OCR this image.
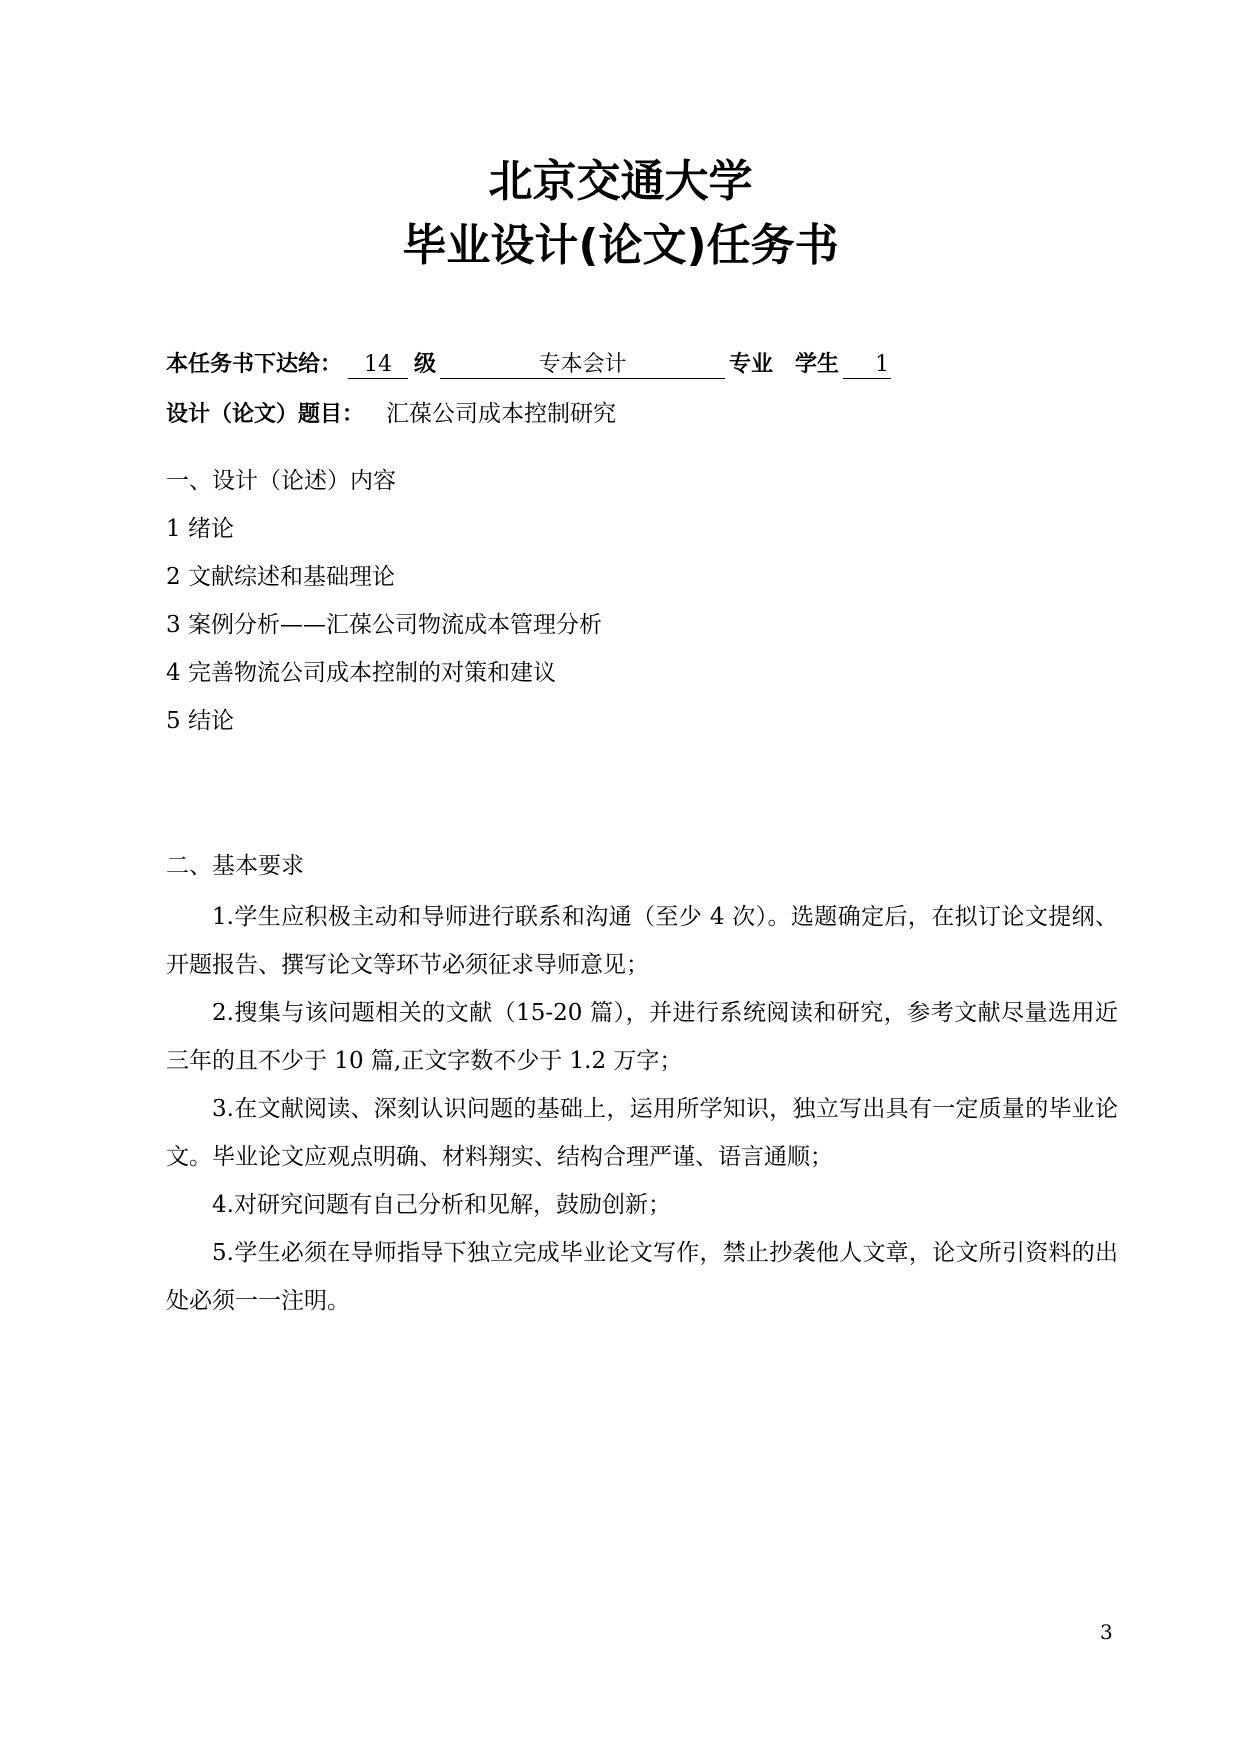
北京交通大学
毕业设计(论文)任务书
本任务书下达给： 14 级	专本会计	专业 学生 1
设计（论文）题目： 汇葆公司成本控制研究
一、设计（论述）内容
1 绪论
2 文献综述和基础理论
3 案例分析——汇葆公司物流成本管理分析
4 完善物流公司成本控制的对策和建议
5 结论
二、基本要求
1.学生应积极主动和导师进行联系和沟通（至少 4 次）。选题确定后，在拟订论文提纲、开题报告、撰写论文等环节必须征求导师意见；
2.搜集与该问题相关的文献（15-20 篇），并进行系统阅读和研究，参考文献尽量选用近三年的且不少于 10 篇,正文字数不少于 1.2 万字；
3.在文献阅读、深刻认识问题的基础上，运用所学知识，独立写出具有一定质量的毕业论文。毕业论文应观点明确、材料翔实、结构合理严谨、语言通顺；
4.对研究问题有自己分析和见解，鼓励创新；
5.学生必须在导师指导下独立完成毕业论文写作，禁止抄袭他人文章，论文所引资料的出处必须一一注明。
3
